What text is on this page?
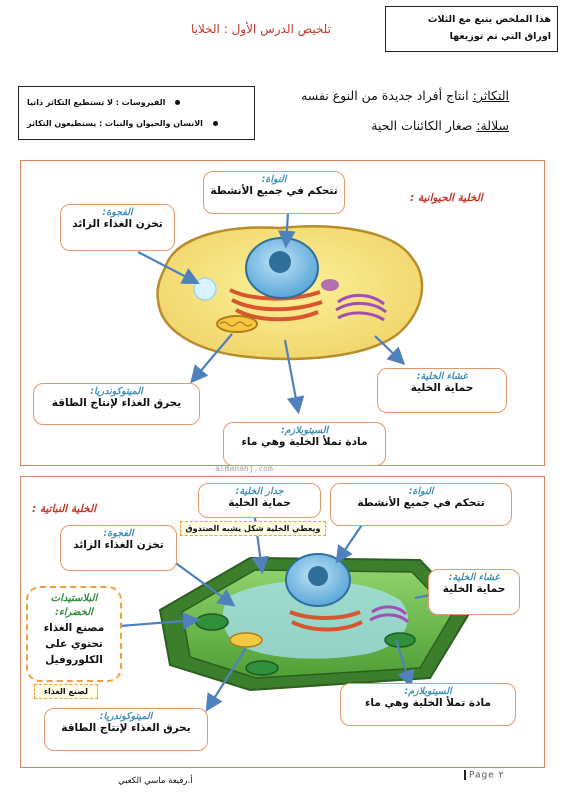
هذا الملخص يتبع مع الثلاث
اوراق التي تم توزيعها
تلخيص الدرس الأول : الخلايا
الفيروسات : لا تستطيع التكاثر ذاتيا
الانسان والحيوان والنبات : يستطيعون التكاثر
التكاثر: انتاج أفراد جديدة من النوع نفسه
سلالة: صغار الكائنات الحية
الخلية الحيوانية :
النواة:
تتحكم في جميع الأنشطة
الفجوة:
تخزن الغذاء الزائد
غشاء الخلية:
حماية الخلية
الميتوكوندريا:
يحرق الغذاء لإنتاج الطاقة
السيتوبلازم:
مادة تملأ الخلية وهي ماء
almanahj.com
الخلية النباتية :
جدار الخلية:
حماية الخلية
ويعطي الخلية شكل يشبه الصندوق
النواة:
تتحكم في جميع الأنشطة
الفجوة:
تخزن الغذاء الزائد
غشاء الخلية:
حماية الخلية
البلاستيدات
الخضراء:
مصنع الغذاء
تحتوي على
الكلوروفيل
لصنع الغذاء	السيتوبلازم:
مادة تملأ الخلية وهي ماء
الميتوكوندريا:
يحرق الغذاء لإنتاج الطاقة
أ.رقيعة ماسي الكعبي
Page ٢
